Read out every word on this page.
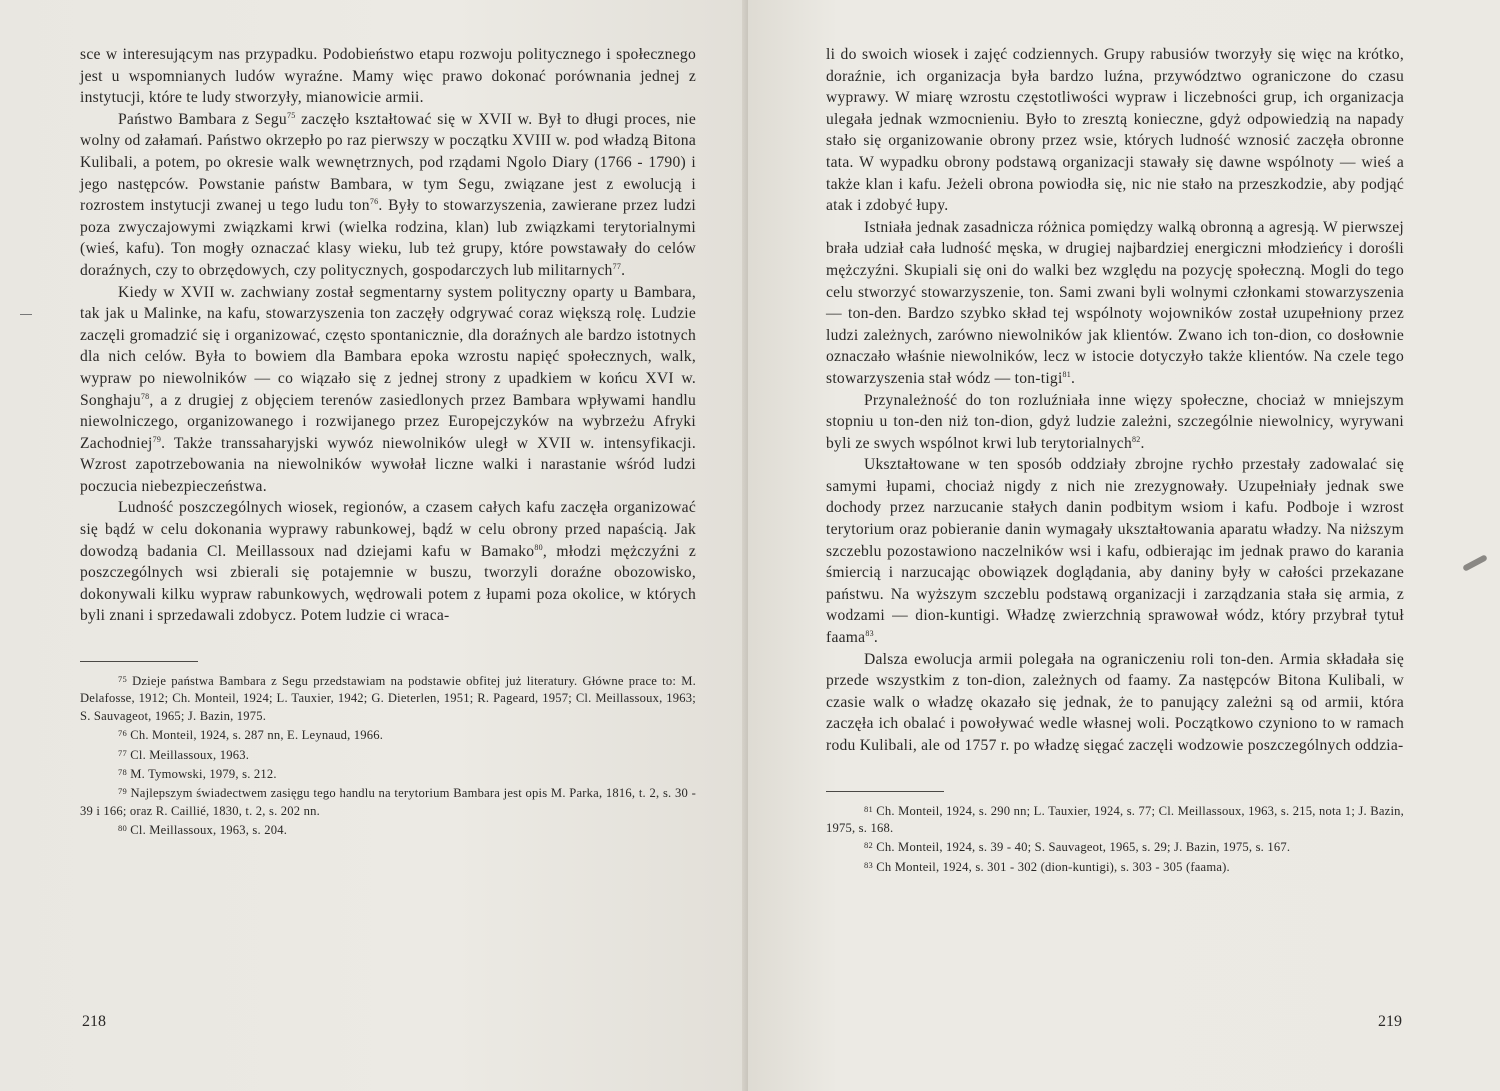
sce w interesującym nas przypadku. Podobieństwo etapu rozwoju politycznego i społecznego jest u wspomnianych ludów wyraźne. Mamy więc prawo dokonać porównania jednej z instytucji, które te ludy stworzyły, mianowicie armii.

Państwo Bambara z Segu$^{75}$ zaczęło kształtować się w XVII w. Był to długi proces, nie wolny od załamań. Państwo okrzepło po raz pierwszy w początku XVIII w. pod władzą Bitona Kulibali, a potem, po okresie walk wewnętrznych, pod rządami Ngolo Diary (1766 - 1790) i jego następców. Powstanie państw Bambara, w tym Segu, związane jest z ewolucją i rozrostem instytucji zwanej u tego ludu ton$^{76}$. Były to stowarzyszenia, zawierane przez ludzi poza zwyczajowymi związkami krwi (wielka rodzina, klan) lub związkami terytorialnymi (wieś, kafu). Ton mogły oznaczać klasy wieku, lub też grupy, które powstawały do celów doraźnych, czy to obrzędowych, czy politycznych, gospodarczych lub militarnych$^{77}$.

Kiedy w XVII w. zachwiany został segmentarny system polityczny oparty u Bambara, tak jak u Malinke, na kafu, stowarzyszenia ton zaczęły odgrywać coraz większą rolę. Ludzie zaczęli gromadzić się i organizować, często spontanicznie, dla doraźnych ale bardzo istotnych dla nich celów. Była to bowiem dla Bambara epoka wzrostu napięć społecznych, walk, wypraw po niewolników — co wiązało się z jednej strony z upadkiem w końcu XVI w. Songhaju$^{78}$, a z drugiej z objęciem terenów zasiedlonych przez Bambara wpływami handlu niewolniczego, organizowanego i rozwijanego przez Europejczyków na wybrzeżu Afryki Zachodniej$^{79}$. Także transsaharyjski wywóz niewolników uległ w XVII w. intensyfikacji. Wzrost zapotrzebowania na niewolników wywołał liczne walki i narastanie wśród ludzi poczucia niebezpieczeństwa.

Ludność poszczególnych wiosek, regionów, a czasem całych kafu zaczęła organizować się bądź w celu dokonania wyprawy rabunkowej, bądź w celu obrony przed napaścią. Jak dowodzą badania Cl. Meillassoux nad dziejami kafu w Bamako$^{80}$, młodzi mężczyźni z poszczególnych wsi zbierali się potajemnie w buszu, tworzyli doraźne obozowisko, dokonywali kilku wypraw rabunkowych, wędrowali potem z łupami poza okolice, w których byli znani i sprzedawali zdobycz. Potem ludzie ci wraca-

$^{75}$ Dzieje państwa Bambara z Segu przedstawiam na podstawie obfitej już literatury. Główne prace to: M. Delafosse, 1912; Ch. Monteil, 1924; L. Tauxier, 1942; G. Dieterlen, 1951; R. Pageard, 1957; Cl. Meillassoux, 1963; S. Sauvageot, 1965; J. Bazin, 1975.

$^{76}$ Ch. Monteil, 1924, s. 287 nn, E. Leynaud, 1966.

$^{77}$ Cl. Meillassoux, 1963.

$^{78}$ M. Tymowski, 1979, s. 212.

$^{79}$ Najlepszym świadectwem zasięgu tego handlu na terytorium Bambara jest opis M. Parka, 1816, t. 2, s. 30 - 39 i 166; oraz R. Caillié, 1830, t. 2, s. 202 nn.

$^{80}$ Cl. Meillassoux, 1963, s. 204.

218

li do swoich wiosek i zajęć codziennych. Grupy rabusiów tworzyły się więc na krótko, doraźnie, ich organizacja była bardzo luźna, przywództwo ograniczone do czasu wyprawy. W miarę wzrostu częstotliwości wypraw i liczebności grup, ich organizacja ulegała jednak wzmocnieniu. Było to zresztą konieczne, gdyż odpowiedzią na napady stało się organizowanie obrony przez wsie, których ludność wznosić zaczęła obronne tata. W wypadku obrony podstawą organizacji stawały się dawne wspólnoty — wieś a także klan i kafu. Jeżeli obrona powiodła się, nic nie stało na przeszkodzie, aby podjąć atak i zdobyć łupy.

Istniała jednak zasadnicza różnica pomiędzy walką obronną a agresją. W pierwszej brała udział cała ludność męska, w drugiej najbardziej energiczni młodzieńcy i dorośli mężczyźni. Skupiali się oni do walki bez względu na pozycję społeczną. Mogli do tego celu stworzyć stowarzyszenie, ton. Sami zwani byli wolnymi członkami stowarzyszenia — ton-den. Bardzo szybko skład tej wspólnoty wojowników został uzupełniony przez ludzi zależnych, zarówno niewolników jak klientów. Zwano ich ton-dion, co dosłownie oznaczało właśnie niewolników, lecz w istocie dotyczyło także klientów. Na czele tego stowarzyszenia stał wódz — ton-tigi$^{81}$.

Przynależność do ton rozluźniała inne więzy społeczne, chociaż w mniejszym stopniu u ton-den niż ton-dion, gdyż ludzie zależni, szczególnie niewolnicy, wyrywani byli ze swych wspólnot krwi lub terytorialnych$^{82}$.

Ukształtowane w ten sposób oddziały zbrojne rychło przestały zadowalać się samymi łupami, chociaż nigdy z nich nie zrezygnowały. Uzupełniały jednak swe dochody przez narzucanie stałych danin podbitym wsiom i kafu. Podboje i wzrost terytorium oraz pobieranie danin wymagały ukształtowania aparatu władzy. Na niższym szczeblu pozostawiono naczelników wsi i kafu, odbierając im jednak prawo do karania śmiercią i narzucając obowiązek doglądania, aby daniny były w całości przekazane państwu. Na wyższym szczeblu podstawą organizacji i zarządzania stała się armia, z wodzami — dion-kuntigi. Władzę zwierzchnią sprawował wódz, który przybrał tytuł faama$^{83}$.

Dalsza ewolucja armii polegała na ograniczeniu roli ton-den. Armia składała się przede wszystkim z ton-dion, zależnych od faamy. Za następców Bitona Kulibali, w czasie walk o władzę okazało się jednak, że to panujący zależni są od armii, która zaczęła ich obalać i powoływać wedle własnej woli. Początkowo czyniono to w ramach rodu Kulibali, ale od 1757 r. po władzę sięgać zaczęli wodzowie poszczególnych oddzia-

$^{81}$ Ch. Monteil, 1924, s. 290 nn; L. Tauxier, 1924, s. 77; Cl. Meillassoux, 1963, s. 215, nota 1; J. Bazin, 1975, s. 168.

$^{82}$ Ch. Monteil, 1924, s. 39 - 40; S. Sauvageot, 1965, s. 29; J. Bazin, 1975, s. 167.

$^{83}$ Ch Monteil, 1924, s. 301 - 302 (dion-kuntigi), s. 303 - 305 (faama).

219
